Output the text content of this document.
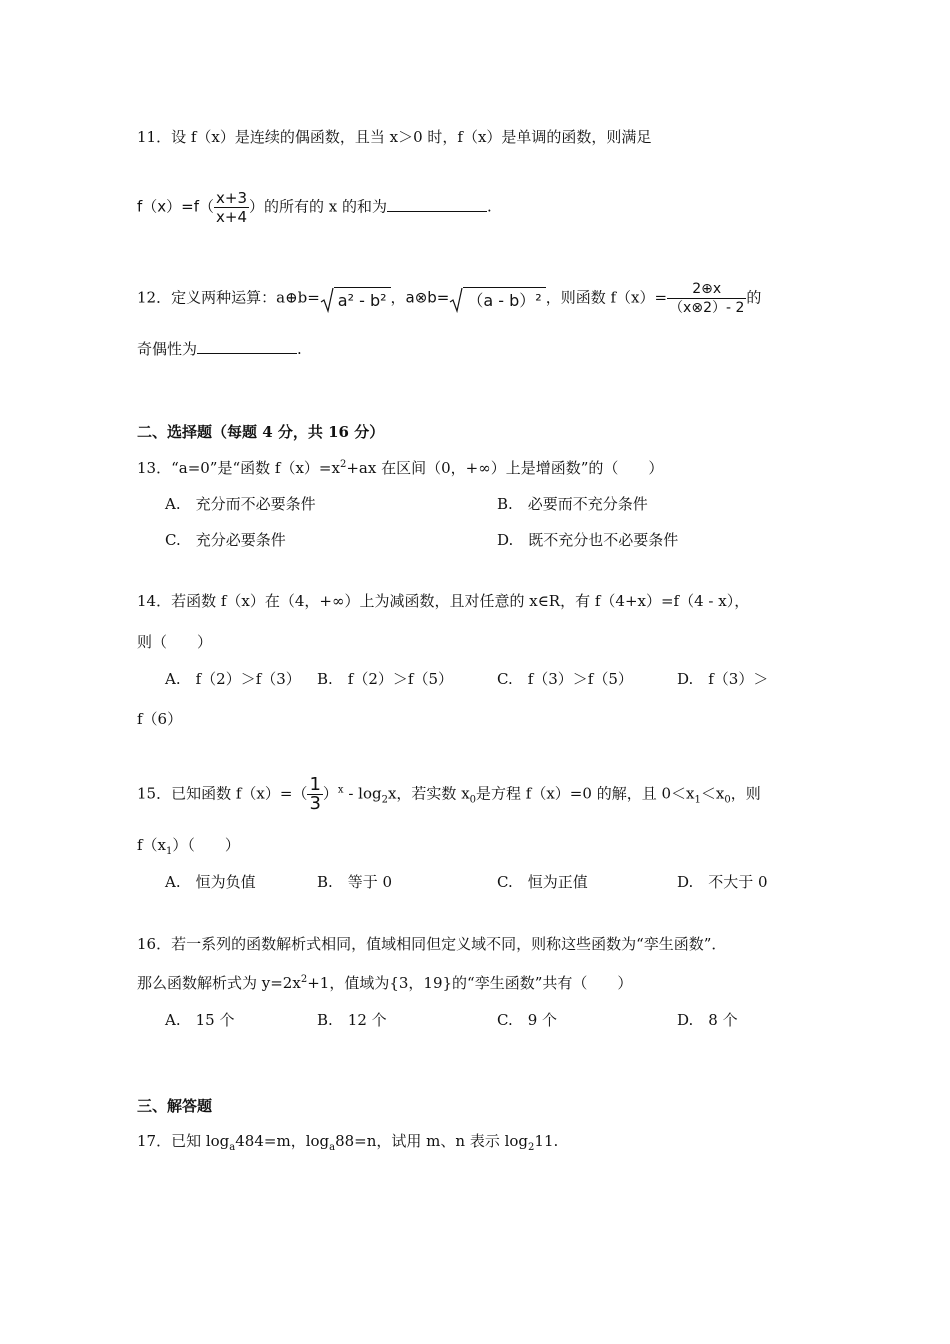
11．设 f（x）是连续的偶函数，且当 x＞0 时，f（x）是单调的函数，则满足
$f(x)=f( \frac{x+3}{x+4}$ ）的所有的 x 的和为	.
12．定义两种运算：a⊕b= a² - b² ，a⊗b= （a - b）² ，则函数 $f(x)= \frac{2\oplus x}{(x\otimes 2)- 2}$ 的
奇偶性为	.
二、选择题（每题 4 分，共 16 分）
13．“a=0”是“函数 $f(x)=x^2+ax$ 在区间（0，+∞）上是增函数”的（　　）
A.　充分而不必要条件	B.　必要而不充分条件
C.　充分必要条件	D.　既不充分也不必要条件
14．若函数 f（x）在（4，+∞）上为减函数，且对任意的 x∈R，有 f（4+x）=f（4 - x），
则（　　）
A.　f（2）＞f（3） B.　f（2）＞f（5）	C.　f（3）＞f（5）	D.　f（3）＞
f（6）
15．已知函数 $f(x)=( \frac{1}{3} )^x - \log_2x$，若实数 $x_0$是方程 f（x）=0 的解，且 $0<x_1<x_0$，则
$f(x_1)$（　　）
A.　恒为负值	B.　等于 0	C.　恒为正值	D.　不大于 0
16．若一系列的函数解析式相同，值域相同但定义域不同，则称这些函数为“孪生函数”．
那么函数解析式为 $y=2x^2+1$，值域为{3，19}的“孪生函数”共有（　　）
A.　15 个	B.　12 个	C.　9 个	D.　8 个
三、解答题
17．已知 $\log_a484=m$，$\log_a88=n$，试用 m、n 表示 $\log_211$.
